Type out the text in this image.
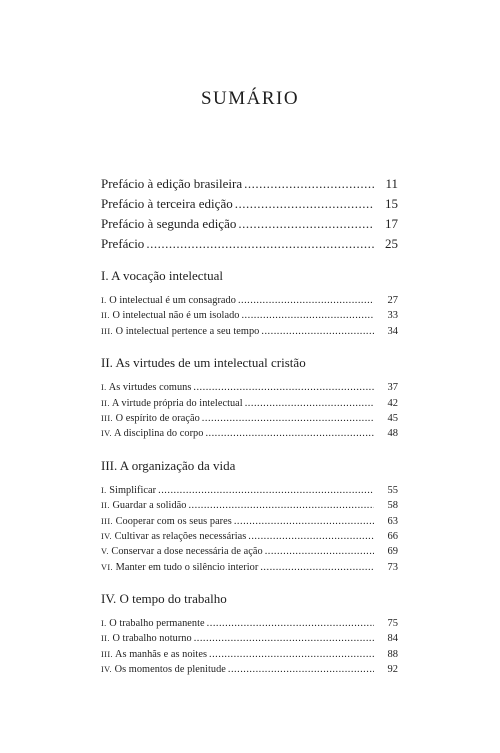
SUMÁRIO
Prefácio à edição brasileira .....	11
Prefácio à terceira edição .....	15
Prefácio à segunda edição .....	17
Prefácio .....	25
I. A vocação intelectual
I. O intelectual é um consagrado .....	27
II. O intelectual não é um isolado .....	33
III. O intelectual pertence a seu tempo .....	34
II. As virtudes de um intelectual cristão
I. As virtudes comuns .....	37
II. A virtude própria do intelectual .....	42
III. O espírito de oração .....	45
IV. A disciplina do corpo .....	48
III. A organização da vida
I. Simplificar .....	55
II. Guardar a solidão .....	58
III. Cooperar com os seus pares .....	63
IV. Cultivar as relações necessárias .....	66
V. Conservar a dose necessária de ação .....	69
VI. Manter em tudo o silêncio interior .....	73
IV. O tempo do trabalho
I. O trabalho permanente .....	75
II. O trabalho noturno .....	84
III. As manhãs e as noites .....	88
IV. Os momentos de plenitude .....	92
